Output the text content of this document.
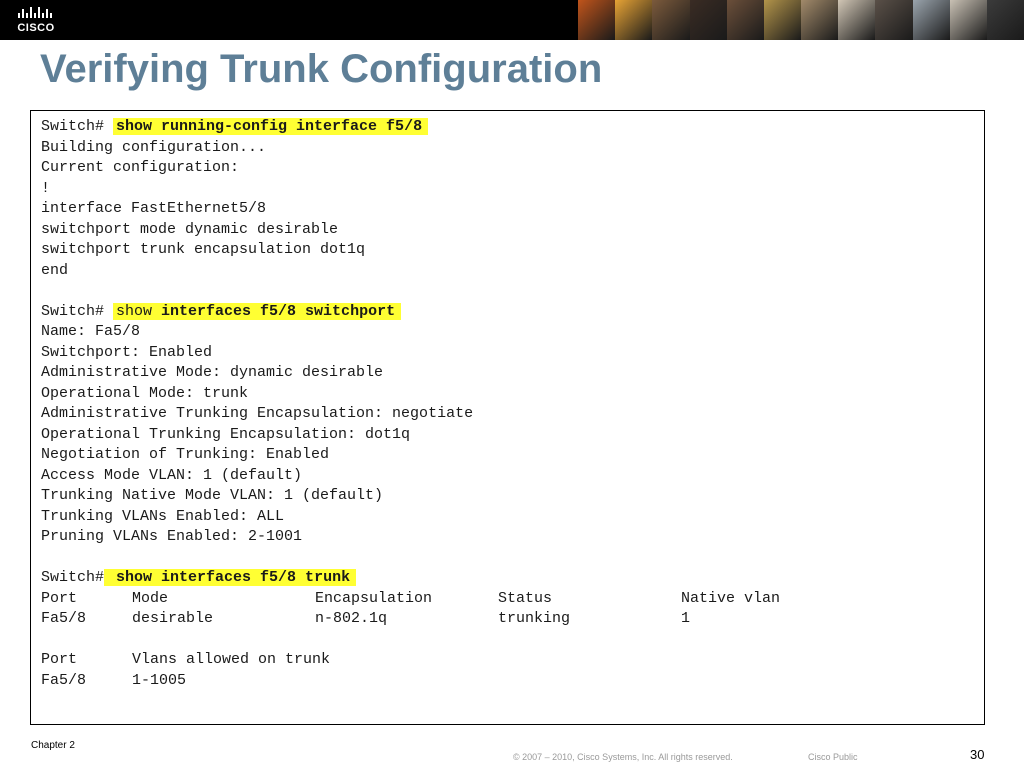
CISCO
Verifying Trunk Configuration
Switch# show running-config interface f5/8
Building configuration...
Current configuration:
!
interface FastEthernet5/8
switchport mode dynamic desirable
switchport trunk encapsulation dot1q
end
Switch# show interfaces f5/8 switchport
Name: Fa5/8
Switchport: Enabled
Administrative Mode: dynamic desirable
Operational Mode: trunk
Administrative Trunking Encapsulation: negotiate
Operational Trunking Encapsulation: dot1q
Negotiation of Trunking: Enabled
Access Mode VLAN: 1 (default)
Trunking Native Mode VLAN: 1 (default)
Trunking VLANs Enabled: ALL
Pruning VLANs Enabled: 2-1001
Switch# show interfaces f5/8 trunk
Port	Mode	Encapsulation	Status	Native vlan
Fa5/8	desirable	n-802.1q	trunking	1
Port	Vlans allowed on trunk
Fa5/8	1-1005
Chapter 2
© 2007 – 2010, Cisco Systems, Inc. All rights reserved.	Cisco Public	30
